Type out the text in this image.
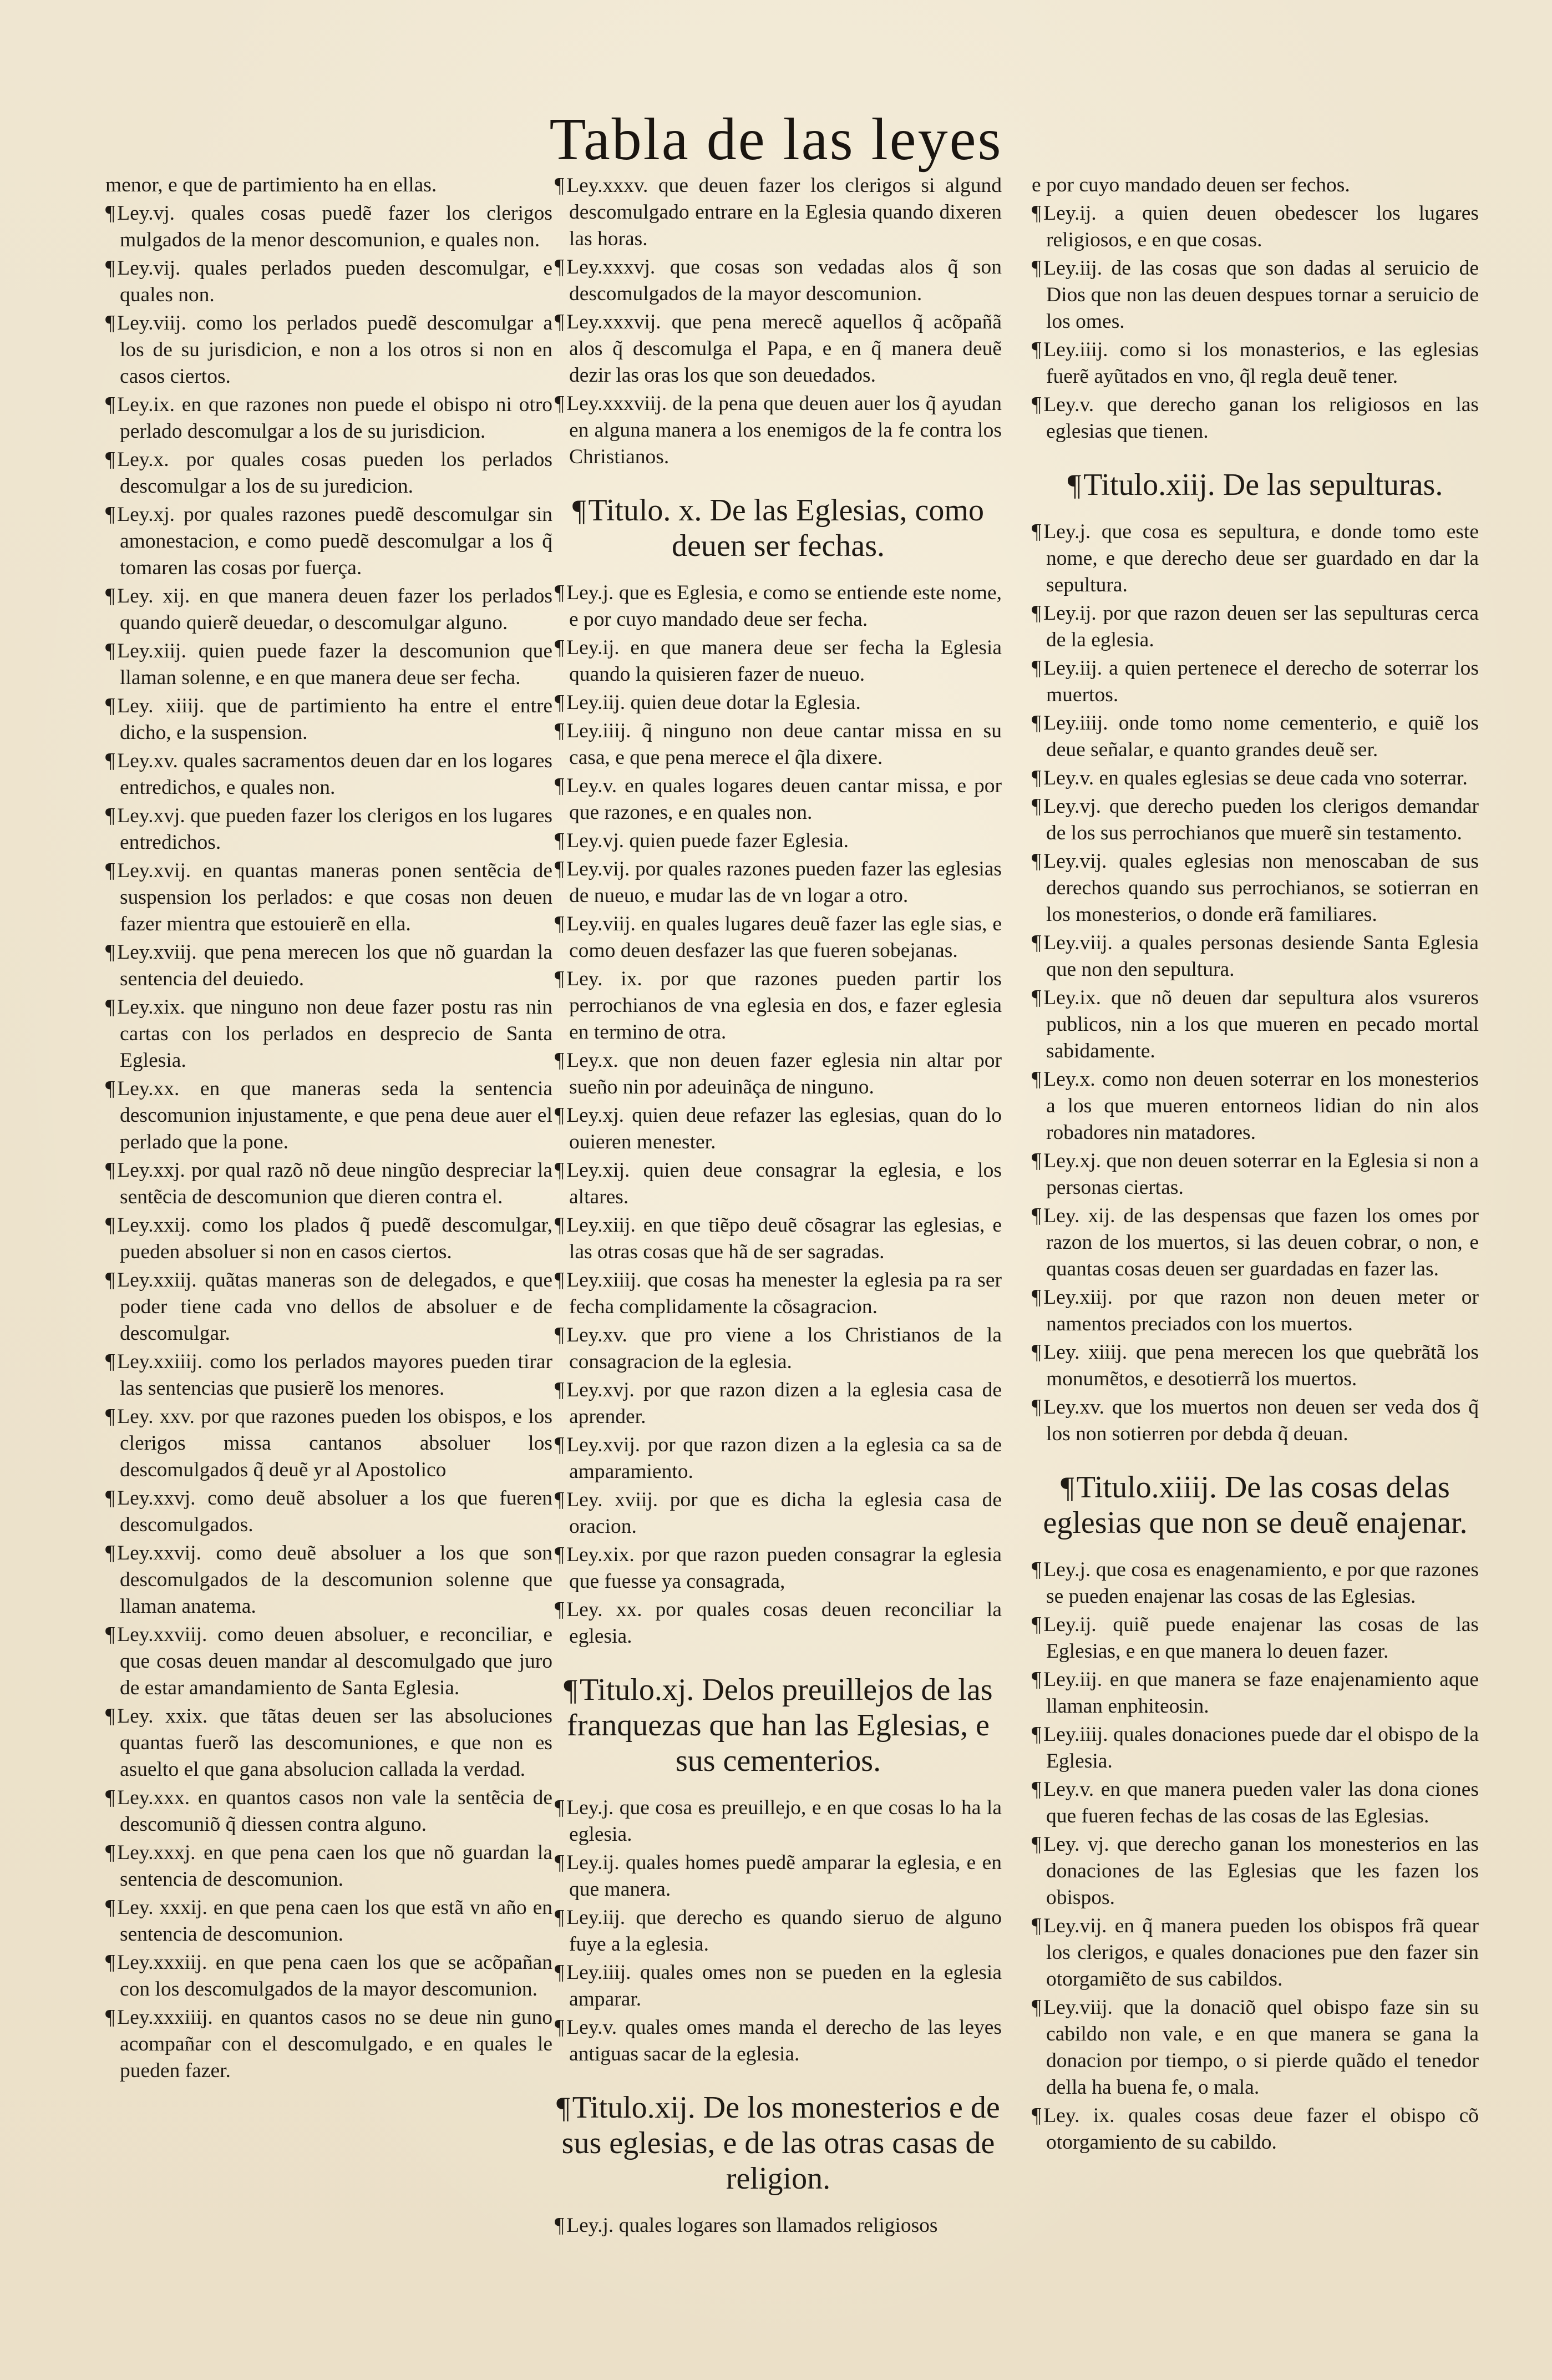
Tabla de las leyes
menor, e que de partimiento ha en ellas.
¶ Ley.vj. quales cosas puedẽ fazer los clerigos mulgados de la menor descomunion, e quales non.
¶ Ley.vij. quales perlados pueden descomulgar, e quales non.
¶ Ley.viij. como los perlados puedẽ descomulgar a los de su jurisdicion, e non a los otros si non en casos ciertos.
¶ Ley.ix. en que razones non puede el obispo ni otro perlado descomulgar a los de su jurisdicion.
¶ Ley.x. por quales cosas pueden los perlados descomulgar a los de su juredicion.
¶ Ley.xj. por quales razones puedẽ descomulgar sin amonestacion, e como puedẽ descomulgar a los q̃ tomaren las cosas por fuerça.
¶ Ley. xij. en que manera deuen fazer los perlados quando quierẽ deuedar, o descomulgar alguno.
¶ Ley.xiij. quien puede fazer la descomunion que llaman solenne, e en que manera deue ser fecha.
¶ Ley. xiiij. que de partimiento ha entre el entre dicho, e la suspension.
¶ Ley.xv. quales sacramentos deuen dar en los logares entredichos, e quales non.
¶ Ley.xvj. que pueden fazer los clerigos en los lugares entredichos.
¶ Ley.xvij. en quantas maneras ponen sentẽcia de suspension los perlados: e que cosas non deuen fazer mientra que estouierẽ en ella.
¶ Ley.xviij. que pena merecen los que nõ guardan la sentencia del deuiedo.
¶ Ley.xix. que ninguno non deue fazer postu ras nin cartas con los perlados en desprecio de Santa Eglesia.
¶ Ley.xx. en que maneras seda la sentencia descomunion injustamente, e que pena deue auer el perlado que la pone.
¶ Ley.xxj. por qual razõ nõ deue ningũo despreciar la sentẽcia de descomunion que dieren contra el.
¶ Ley.xxij. como los plados q̃ puedẽ descomulgar, pueden absoluer si non en casos ciertos.
¶ Ley.xxiij. quãtas maneras son de delegados, e que poder tiene cada vno dellos de absoluer e de descomulgar.
¶ Ley.xxiiij. como los perlados mayores pueden tirar las sentencias que pusierẽ los menores.
¶ Ley. xxv. por que razones pueden los obispos, e los clerigos missa cantanos absoluer los descomulgados q̃ deuẽ yr al Apostolico
¶ Ley.xxvj. como deuẽ absoluer a los que fueren descomulgados.
¶ Ley.xxvij. como deuẽ absoluer a los que son descomulgados de la descomunion solenne que llaman anatema.
¶ Ley.xxviij. como deuen absoluer, e reconciliar, e que cosas deuen mandar al descomulgado que juro de estar amandamiento de Santa Eglesia.
¶ Ley. xxix. que tãtas deuen ser las absoluciones quantas fuerõ las descomuniones, e que non es asuelto el que gana absolucion callada la verdad.
¶ Ley.xxx. en quantos casos non vale la sentẽcia de descomuniõ q̃ diessen contra alguno.
¶ Ley.xxxj. en que pena caen los que nõ guardan la sentencia de descomunion.
¶ Ley. xxxij. en que pena caen los que estã vn año en sentencia de descomunion.
¶ Ley.xxxiij. en que pena caen los que se acõpañan con los descomulgados de la mayor descomunion.
¶ Ley.xxxiiij. en quantos casos no se deue nin guno acompañar con el descomulgado, e en quales le pueden fazer.
¶ Ley.xxxv. que deuen fazer los clerigos si algund descomulgado entrare en la Eglesia quando dixeren las horas.
¶ Ley.xxxvj. que cosas son vedadas alos q̃ son descomulgados de la mayor descomunion.
¶ Ley.xxxvij. que pena merecẽ aquellos q̃ acõpañã alos q̃ descomulga el Papa, e en q̃ manera deuẽ dezir las oras los que son deuedados.
¶ Ley.xxxviij. de la pena que deuen auer los q̃ ayudan en alguna manera a los enemigos de la fe contra los Christianos.
¶Titulo. x. De las Eglesias, como deuen ser fechas.
¶ Ley.j. que es Eglesia, e como se entiende este nome, e por cuyo mandado deue ser fecha.
¶ Ley.ij. en que manera deue ser fecha la Eglesia quando la quisieren fazer de nueuo.
¶ Ley.iij. quien deue dotar la Eglesia.
¶ Ley.iiij. q̃ ninguno non deue cantar missa en su casa, e que pena merece el q̃la dixere.
¶ Ley.v. en quales logares deuen cantar missa, e por que razones, e en quales non.
¶ Ley.vj. quien puede fazer Eglesia.
¶ Ley.vij. por quales razones pueden fazer las eglesias de nueuo, e mudar las de vn logar a otro.
¶ Ley.viij. en quales lugares deuẽ fazer las egle sias, e como deuen desfazer las que fueren sobejanas.
¶ Ley. ix. por que razones pueden partir los perrochianos de vna eglesia en dos, e fazer eglesia en termino de otra.
¶ Ley.x. que non deuen fazer eglesia nin altar por sueño nin por adeuinãça de ninguno.
¶ Ley.xj. quien deue refazer las eglesias, quan do lo ouieren menester.
¶ Ley.xij. quien deue consagrar la eglesia, e los altares.
¶ Ley.xiij. en que tiẽpo deuẽ cõsagrar las eglesias, e las otras cosas que hã de ser sagradas.
¶ Ley.xiiij. que cosas ha menester la eglesia pa ra ser fecha complidamente la cõsagracion.
¶ Ley.xv. que pro viene a los Christianos de la consagracion de la eglesia.
¶ Ley.xvj. por que razon dizen a la eglesia casa de aprender.
¶ Ley.xvij. por que razon dizen a la eglesia ca sa de amparamiento.
¶ Ley. xviij. por que es dicha la eglesia casa de oracion.
¶ Ley.xix. por que razon pueden consagrar la eglesia que fuesse ya consagrada,
¶ Ley. xx. por quales cosas deuen reconciliar la eglesia.
¶Titulo.xj. Delos preuillejos de las franquezas que han las Eglesias, e sus cementerios.
¶ Ley.j. que cosa es preuillejo, e en que cosas lo ha la eglesia.
¶ Ley.ij. quales homes puedẽ amparar la eglesia, e en que manera.
¶ Ley.iij. que derecho es quando sieruo de alguno fuye a la eglesia.
¶ Ley.iiij. quales omes non se pueden en la eglesia amparar.
¶ Ley.v. quales omes manda el derecho de las leyes antiguas sacar de la eglesia.
¶Titulo.xij. De los monesterios e de sus eglesias, e de las otras casas de religion.
¶ Ley.j. quales logares son llamados religiosos
e por cuyo mandado deuen ser fechos.
¶ Ley.ij. a quien deuen obedescer los lugares religiosos, e en que cosas.
¶ Ley.iij. de las cosas que son dadas al seruicio de Dios que non las deuen despues tornar a seruicio de los omes.
¶ Ley.iiij. como si los monasterios, e las eglesias fuerẽ ayũtados en vno, q̃l regla deuẽ tener.
¶ Ley.v. que derecho ganan los religiosos en las eglesias que tienen.
¶Titulo.xiij. De las sepulturas.
¶ Ley.j. que cosa es sepultura, e donde tomo este nome, e que derecho deue ser guardado en dar la sepultura.
¶ Ley.ij. por que razon deuen ser las sepulturas cerca de la eglesia.
¶ Ley.iij. a quien pertenece el derecho de soterrar los muertos.
¶ Ley.iiij. onde tomo nome cementerio, e quiẽ los deue señalar, e quanto grandes deuẽ ser.
¶ Ley.v. en quales eglesias se deue cada vno soterrar.
¶ Ley.vj. que derecho pueden los clerigos demandar de los sus perrochianos que muerẽ sin testamento.
¶ Ley.vij. quales eglesias non menoscaban de sus derechos quando sus perrochianos, se sotierran en los monesterios, o donde erã familiares.
¶ Ley.viij. a quales personas desiende Santa Eglesia que non den sepultura.
¶ Ley.ix. que nõ deuen dar sepultura alos vsureros publicos, nin a los que mueren en pecado mortal sabidamente.
¶ Ley.x. como non deuen soterrar en los monesterios a los que mueren entorneos lidian do nin alos robadores nin matadores.
¶ Ley.xj. que non deuen soterrar en la Eglesia si non a personas ciertas.
¶ Ley. xij. de las despensas que fazen los omes por razon de los muertos, si las deuen cobrar, o non, e quantas cosas deuen ser guardadas en fazer las.
¶ Ley.xiij. por que razon non deuen meter or namentos preciados con los muertos.
¶ Ley. xiiij. que pena merecen los que quebrãtã los monumẽtos, e desotierrã los muertos.
¶ Ley.xv. que los muertos non deuen ser veda dos q̃ los non sotierren por debda q̃ deuan.
¶Titulo.xiiij. De las cosas delas eglesias que non se deuẽ enajenar.
¶ Ley.j. que cosa es enagenamiento, e por que razones se pueden enajenar las cosas de las Eglesias.
¶ Ley.ij. quiẽ puede enajenar las cosas de las Eglesias, e en que manera lo deuen fazer.
¶ Ley.iij. en que manera se faze enajenamiento aque llaman enphiteosin.
¶ Ley.iiij. quales donaciones puede dar el obispo de la Eglesia.
¶ Ley.v. en que manera pueden valer las dona ciones que fueren fechas de las cosas de las Eglesias.
¶ Ley. vj. que derecho ganan los monesterios en las donaciones de las Eglesias que les fazen los obispos.
¶ Ley.vij. en q̃ manera pueden los obispos frã quear los clerigos, e quales donaciones pue den fazer sin otorgamiẽto de sus cabildos.
¶ Ley.viij. que la donaciõ quel obispo faze sin su cabildo non vale, e en que manera se gana la donacion por tiempo, o si pierde quãdo el tenedor della ha buena fe, o mala.
¶ Ley. ix. quales cosas deue fazer el obispo cõ otorgamiento de su cabildo.
